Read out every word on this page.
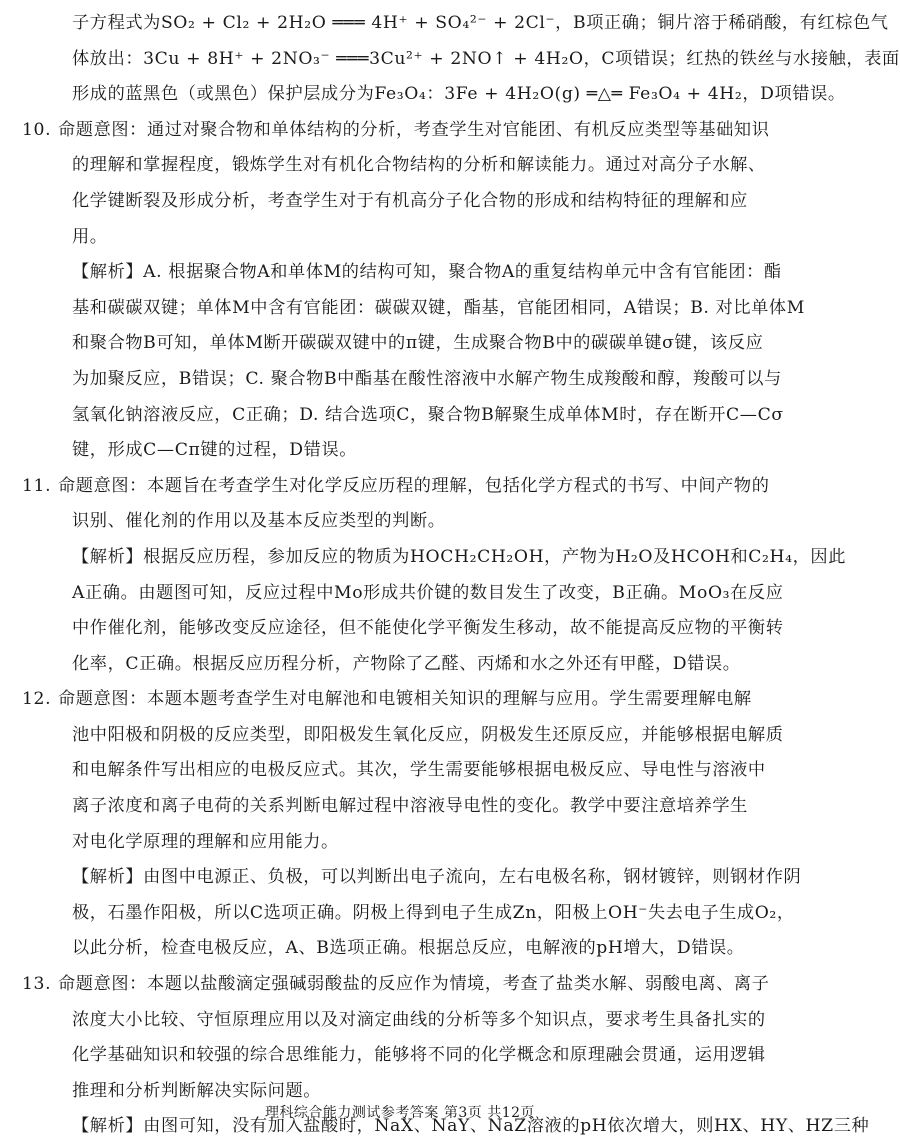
子方程式为SO₂ + Cl₂ + 2H₂O ═══ 4H⁺ + SO₄²⁻ + 2Cl⁻，B项正确；铜片溶于稀硝酸，有红棕色气
体放出：3Cu + 8H⁺ + 2NO₃⁻ ═══3Cu²⁺ + 2NO↑ + 4H₂O，C项错误；红热的铁丝与水接触，表面
形成的蓝黑色（或黑色）保护层成分为Fe₃O₄：3Fe + 4H₂O(g) ═△═ Fe₃O₄ + 4H₂，D项错误。
10. 命题意图：通过对聚合物和单体结构的分析，考查学生对官能团、有机反应类型等基础知识
的理解和掌握程度，锻炼学生对有机化合物结构的分析和解读能力。通过对高分子水解、
化学键断裂及形成分析，考查学生对于有机高分子化合物的形成和结构特征的理解和应
用。
【解析】A. 根据聚合物A和单体M的结构可知，聚合物A的重复结构单元中含有官能团：酯
基和碳碳双键；单体M中含有官能团：碳碳双键，酯基，官能团相同，A错误；B. 对比单体M
和聚合物B可知，单体M断开碳碳双键中的π键，生成聚合物B中的碳碳单键σ键，该反应
为加聚反应，B错误；C. 聚合物B中酯基在酸性溶液中水解产物生成羧酸和醇，羧酸可以与
氢氧化钠溶液反应，C正确；D. 结合选项C，聚合物B解聚生成单体M时，存在断开C—Cσ
键，形成C—Cπ键的过程，D错误。
11. 命题意图：本题旨在考查学生对化学反应历程的理解，包括化学方程式的书写、中间产物的
识别、催化剂的作用以及基本反应类型的判断。
【解析】根据反应历程，参加反应的物质为HOCH₂CH₂OH，产物为H₂O及HCOH和C₂H₄，因此
A正确。由题图可知，反应过程中Mo形成共价键的数目发生了改变，B正确。MoO₃在反应
中作催化剂，能够改变反应途径，但不能使化学平衡发生移动，故不能提高反应物的平衡转
化率，C正确。根据反应历程分析，产物除了乙醛、丙烯和水之外还有甲醛，D错误。
12. 命题意图：本题本题考查学生对电解池和电镀相关知识的理解与应用。学生需要理解电解
池中阳极和阴极的反应类型，即阳极发生氧化反应，阴极发生还原反应，并能够根据电解质
和电解条件写出相应的电极反应式。其次，学生需要能够根据电极反应、导电性与溶液中
离子浓度和离子电荷的关系判断电解过程中溶液导电性的变化。教学中要注意培养学生
对电化学原理的理解和应用能力。
【解析】由图中电源正、负极，可以判断出电子流向，左右电极名称，钢材镀锌，则钢材作阴
极，石墨作阳极，所以C选项正确。阴极上得到电子生成Zn，阳极上OH⁻失去电子生成O₂，
以此分析，检查电极反应，A、B选项正确。根据总反应，电解液的pH增大，D错误。
13. 命题意图：本题以盐酸滴定强碱弱酸盐的反应作为情境，考查了盐类水解、弱酸电离、离子
浓度大小比较、守恒原理应用以及对滴定曲线的分析等多个知识点，要求考生具备扎实的
化学基础知识和较强的综合思维能力，能够将不同的化学概念和原理融会贯通，运用逻辑
推理和分析判断解决实际问题。
【解析】由图可知，没有加入盐酸时，NaX、NaY、NaZ溶液的pH依次增大，则HX、HY、HZ三种
理科综合能力测试参考答案 第3页 共12页
